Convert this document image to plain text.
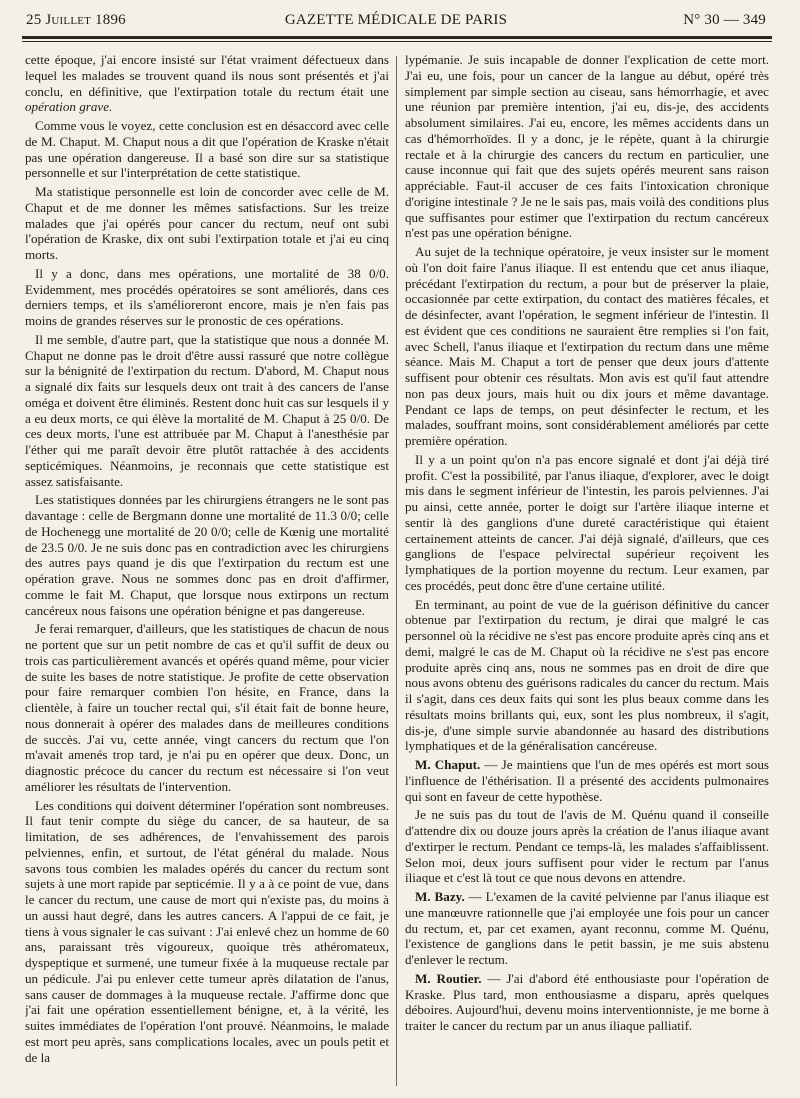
25 Juillet 1896	GAZETTE MÉDICALE DE PARIS	N° 30 — 349

cette époque, j'ai encore insisté sur l'état vraiment défectueux dans lequel les malades se trouvent quand ils nous sont présentés et j'ai conclu, en définitive, que l'extirpation totale du rectum était une opération grave.

Comme vous le voyez, cette conclusion est en désaccord avec celle de M. Chaput. M. Chaput nous a dit que l'opération de Kraske n'était pas une opération dangereuse. Il a basé son dire sur sa statistique personnelle et sur l'interprétation de cette statistique.

Ma statistique personnelle est loin de concorder avec celle de M. Chaput et de me donner les mêmes satisfactions. Sur les treize malades que j'ai opérés pour cancer du rectum, neuf ont subi l'opération de Kraske, dix ont subi l'extirpation totale et j'ai eu cinq morts.

Il y a donc, dans mes opérations, une mortalité de 38 0/0. Evidemment, mes procédés opératoires se sont améliorés, dans ces derniers temps, et ils s'amélioreront encore, mais je n'en fais pas moins de grandes réserves sur le pronostic de ces opérations.

Il me semble, d'autre part, que la statistique que nous a donnée M. Chaput ne donne pas le droit d'être aussi rassuré que notre collègue sur la bénignité de l'extirpation du rectum. D'abord, M. Chaput nous a signalé dix faits sur lesquels deux ont trait à des cancers de l'anse oméga et doivent être éliminés. Restent donc huit cas sur lesquels il y a eu deux morts, ce qui élève la mortalité de M. Chaput à 25 0/0. De ces deux morts, l'une est attribuée par M. Chaput à l'anesthésie par l'éther qui me paraît devoir être plutôt rattachée à des accidents septicémiques. Néanmoins, je reconnais que cette statistique est assez satisfaisante.

Les statistiques données par les chirurgiens étrangers ne le sont pas davantage : celle de Bergmann donne une mortalité de 11.3 0/0; celle de Hochenegg une mortalité de 20 0/0; celle de Kœnig une mortalité de 23.5 0/0. Je ne suis donc pas en contradiction avec les chirurgiens des autres pays quand je dis que l'extirpation du rectum est une opération grave. Nous ne sommes donc pas en droit d'affirmer, comme le fait M. Chaput, que lorsque nous extirpons un rectum cancéreux nous faisons une opération bénigne et pas dangereuse.

Je ferai remarquer, d'ailleurs, que les statistiques de chacun de nous ne portent que sur un petit nombre de cas et qu'il suffit de deux ou trois cas particulièrement avancés et opérés quand même, pour vicier de suite les bases de notre statistique. Je profite de cette observation pour faire remarquer combien l'on hésite, en France, dans la clientèle, à faire un toucher rectal qui, s'il était fait de bonne heure, nous donnerait à opérer des malades dans de meilleures conditions de succès. J'ai vu, cette année, vingt cancers du rectum que l'on m'avait amenés trop tard, je n'ai pu en opérer que deux. Donc, un diagnostic précoce du cancer du rectum est nécessaire si l'on veut améliorer les résultats de l'intervention.

Les conditions qui doivent déterminer l'opération sont nombreuses. Il faut tenir compte du siège du cancer, de sa hauteur, de sa limitation, de ses adhérences, de l'envahissement des parois pelviennes, enfin, et surtout, de l'état général du malade. Nous savons tous combien les malades opérés du cancer du rectum sont sujets à une mort rapide par septicémie. Il y a à ce point de vue, dans le cancer du rectum, une cause de mort qui n'existe pas, du moins à un aussi haut degré, dans les autres cancers. A l'appui de ce fait, je tiens à vous signaler le cas suivant : J'ai enlevé chez un homme de 60 ans, paraissant très vigoureux, quoique très athéromateux, dyspeptique et surmené, une tumeur fixée à la muqueuse rectale par un pédicule. J'ai pu enlever cette tumeur après dilatation de l'anus, sans causer de dommages à la muqueuse rectale. J'affirme donc que j'ai fait une opération essentiellement bénigne, et, à la vérité, les suites immédiates de l'opération l'ont prouvé. Néanmoins, le malade est mort peu après, sans complications locales, avec un pouls petit et de la

lypémanie. Je suis incapable de donner l'explication de cette mort. J'ai eu, une fois, pour un cancer de la langue au début, opéré très simplement par simple section au ciseau, sans hémorrhagie, et avec une réunion par première intention, j'ai eu, dis-je, des accidents absolument similaires. J'ai eu, encore, les mêmes accidents dans un cas d'hémorrhoïdes. Il y a donc, je le répète, quant à la chirurgie rectale et à la chirurgie des cancers du rectum en particulier, une cause inconnue qui fait que des sujets opérés meurent sans raison appréciable. Faut-il accuser de ces faits l'intoxication chronique d'origine intestinale ? Je ne le sais pas, mais voilà des conditions plus que suffisantes pour estimer que l'extirpation du rectum cancéreux n'est pas une opération bénigne.

Au sujet de la technique opératoire, je veux insister sur le moment où l'on doit faire l'anus iliaque. Il est entendu que cet anus iliaque, précédant l'extirpation du rectum, a pour but de préserver la plaie, occasionnée par cette extirpation, du contact des matières fécales, et de désinfecter, avant l'opération, le segment inférieur de l'intestin. Il est évident que ces conditions ne sauraient être remplies si l'on fait, avec Schell, l'anus iliaque et l'extirpation du rectum dans une même séance. Mais M. Chaput a tort de penser que deux jours d'attente suffisent pour obtenir ces résultats. Mon avis est qu'il faut attendre non pas deux jours, mais huit ou dix jours et même davantage. Pendant ce laps de temps, on peut désinfecter le rectum, et les malades, souffrant moins, sont considérablement améliorés par cette première opération.

Il y a un point qu'on n'a pas encore signalé et dont j'ai déjà tiré profit. C'est la possibilité, par l'anus iliaque, d'explorer, avec le doigt mis dans le segment inférieur de l'intestin, les parois pelviennes. J'ai pu ainsi, cette année, porter le doigt sur l'artère iliaque interne et sentir là des ganglions d'une dureté caractéristique qui étaient certainement atteints de cancer. J'ai déjà signalé, d'ailleurs, que ces ganglions de l'espace pelvirectal supérieur reçoivent les lymphatiques de la portion moyenne du rectum. Leur examen, par ces procédés, peut donc être d'une certaine utilité.

En terminant, au point de vue de la guérison définitive du cancer obtenue par l'extirpation du rectum, je dirai que malgré le cas personnel où la récidive ne s'est pas encore produite après cinq ans et demi, malgré le cas de M. Chaput où la récidive ne s'est pas encore produite après cinq ans, nous ne sommes pas en droit de dire que nous avons obtenu des guérisons radicales du cancer du rectum. Mais il s'agit, dans ces deux faits qui sont les plus beaux comme dans les résultats moins brillants qui, eux, sont les plus nombreux, il s'agit, dis-je, d'une simple survie abandonnée au hasard des distributions lymphatiques et de la généralisation cancéreuse.

M. Chaput. — Je maintiens que l'un de mes opérés est mort sous l'influence de l'éthérisation. Il a présenté des accidents pulmonaires qui sont en faveur de cette hypothèse.

Je ne suis pas du tout de l'avis de M. Quénu quand il conseille d'attendre dix ou douze jours après la création de l'anus iliaque avant d'extirper le rectum. Pendant ce temps-là, les malades s'affaiblissent. Selon moi, deux jours suffisent pour vider le rectum par l'anus iliaque et c'est là tout ce que nous devons en attendre.

M. Bazy. — L'examen de la cavité pelvienne par l'anus iliaque est une manœuvre rationnelle que j'ai employée une fois pour un cancer du rectum, et, par cet examen, ayant reconnu, comme M. Quénu, l'existence de ganglions dans le petit bassin, je me suis abstenu d'enlever le rectum.

M. Routier. — J'ai d'abord été enthousiaste pour l'opération de Kraske. Plus tard, mon enthousiasme a disparu, après quelques déboires. Aujourd'hui, devenu moins interventionniste, je me borne à traiter le cancer du rectum par un anus iliaque palliatif.
